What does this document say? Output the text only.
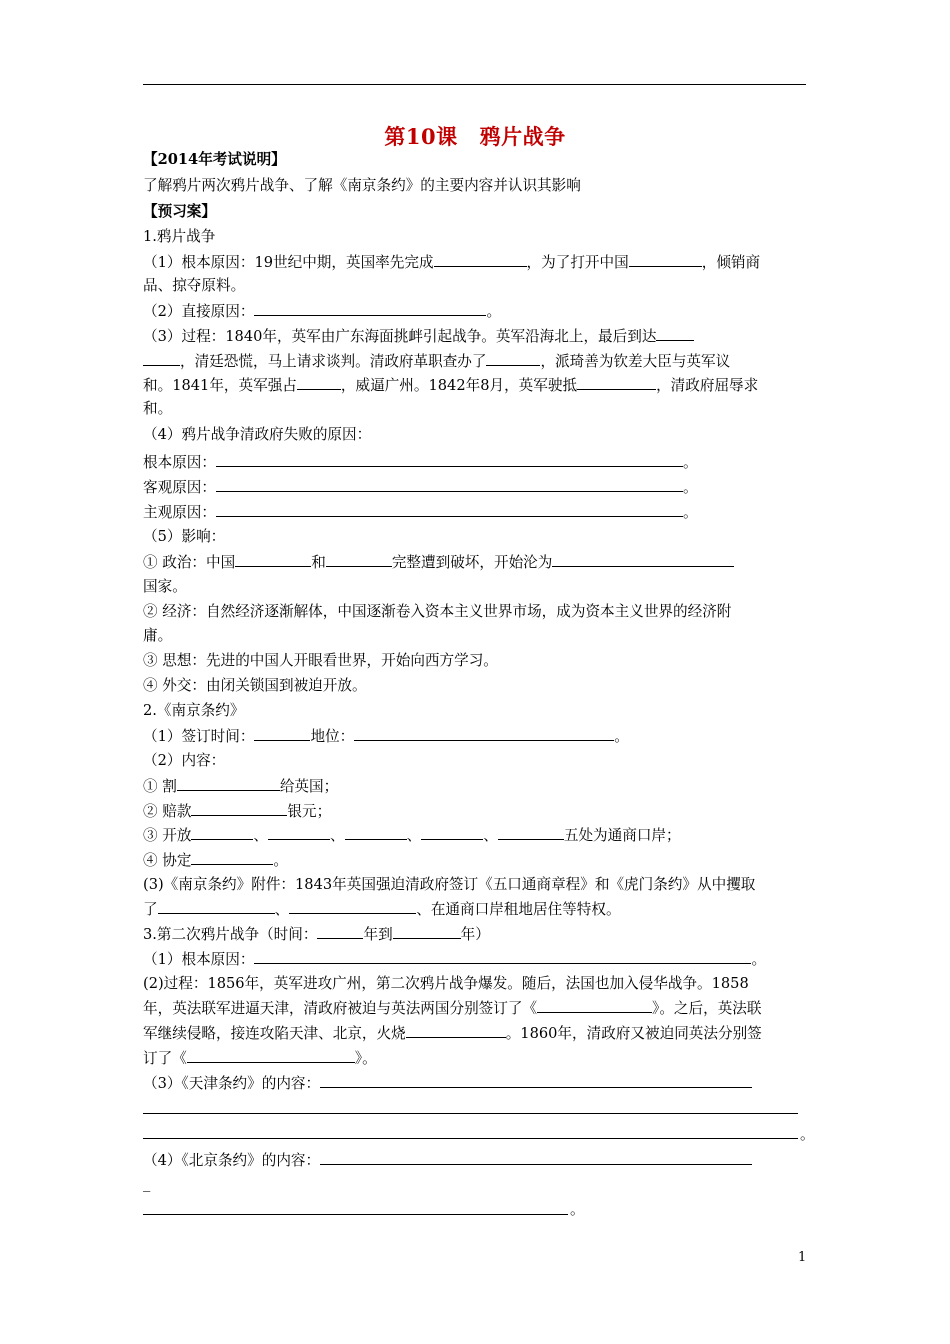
第10课 鸦片战争
【2014年考试说明】
了解鸦片两次鸦片战争、了解《南京条约》的主要内容并认识其影响
【预习案】
1.鸦片战争
（1）根本原因：19世纪中期，英国率先完成	，为了打开中国	，倾销商
品、掠夺原料。
（2）直接原因：	。
（3）过程：1840年，英军由广东海面挑衅引起战争。英军沿海北上，最后到达
，清廷恐慌，马上请求谈判。清政府革职查办了	，派琦善为钦差大臣与英军议
和。1841年，英军强占	，威逼广州。1842年8月，英军驶抵	，清政府屈辱求
和。
（4）鸦片战争清政府失败的原因：
根本原因：	。
客观原因：	。
主观原因：	。
（5）影响：
① 政治：中国	和	完整遭到破坏，开始沦为
国家。
② 经济：自然经济逐渐解体，中国逐渐卷入资本主义世界市场，成为资本主义世界的经济附
庸。
③ 思想：先进的中国人开眼看世界，开始向西方学习。
④ 外交：由闭关锁国到被迫开放。
2.《南京条约》
（1）签订时间：	地位：	。
（2）内容：
① 割	给英国；
② 赔款	银元；
③ 开放	、	、	、	、	五处为通商口岸；
④ 协定	。
(3)《南京条约》附件：1843年英国强迫清政府签订《五口通商章程》和《虎门条约》从中攫取
了	、	、在通商口岸租地居住等特权。
3.第二次鸦片战争（时间：	年到	年）
（1）根本原因：	。
(2)过程：1856年，英军进攻广州，第二次鸦片战争爆发。随后，法国也加入侵华战争。1858
年，英法联军进逼天津，清政府被迫与英法两国分别签订了《	》。之后，英法联
军继续侵略，接连攻陷天津、北京，火烧	。1860年，清政府又被迫同英法分别签
订了《	》。
（3）《天津条约》的内容：
。
（4）《北京条约》的内容：
_
。
1
